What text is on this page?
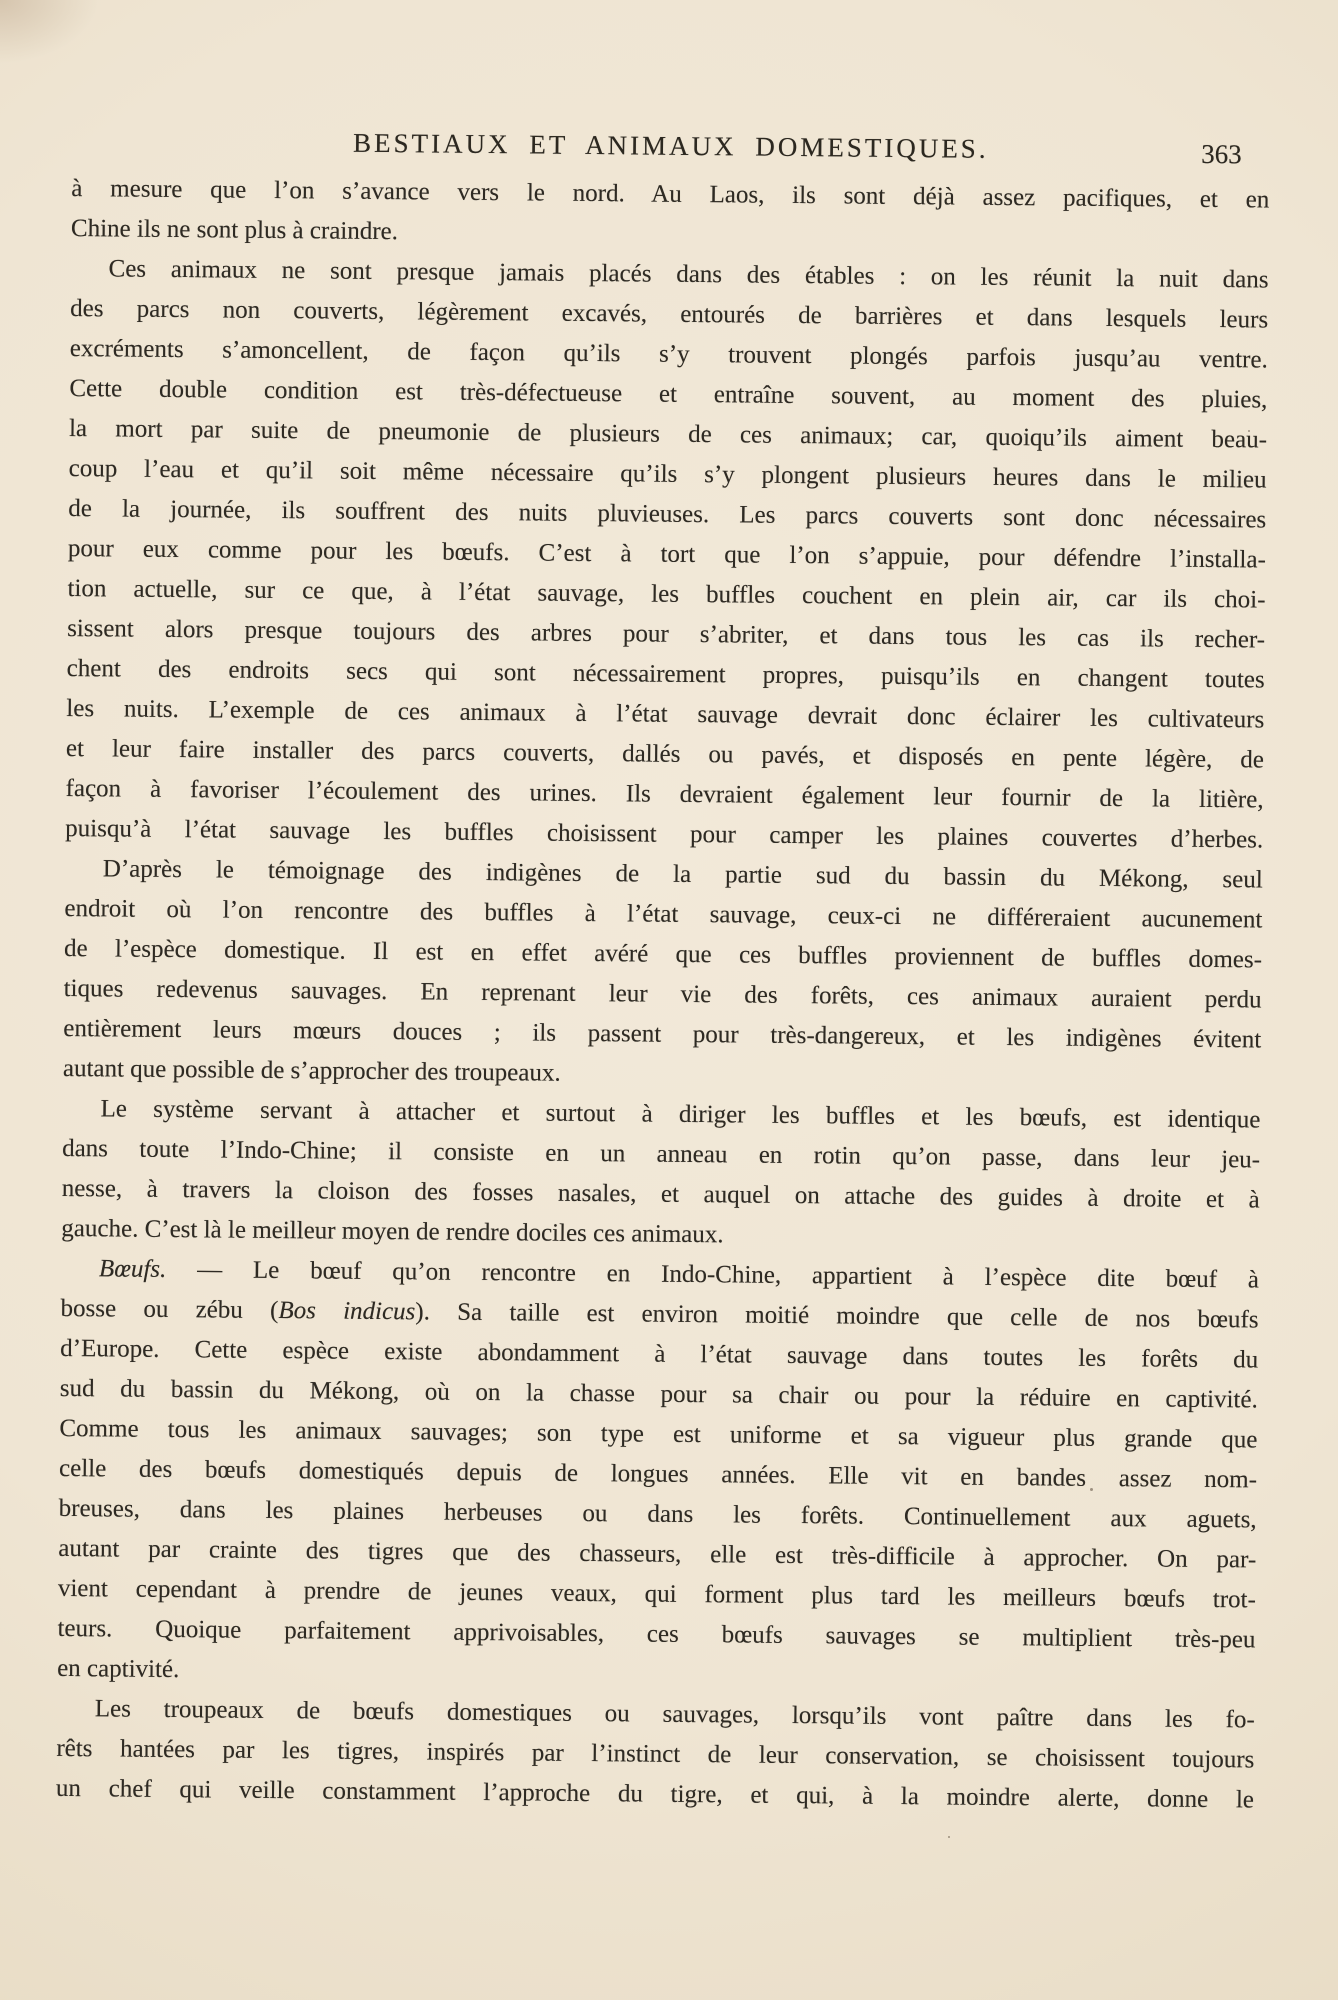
BESTIAUX ET ANIMAUX DOMESTIQUES.	363
à mesure que l’on s’avance vers le nord. Au Laos, ils sont déjà assez pacifiques, et en
Chine ils ne sont plus à craindre.
Ces animaux ne sont presque jamais placés dans des étables : on les réunit la nuit dans
des parcs non couverts, légèrement excavés, entourés de barrières et dans lesquels leurs
excréments s’amoncellent, de façon qu’ils s’y trouvent plongés parfois jusqu’au ventre.
Cette double condition est très-défectueuse et entraîne souvent, au moment des pluies,
la mort par suite de pneumonie de plusieurs de ces animaux; car, quoiqu’ils aiment beau-
coup l’eau et qu’il soit même nécessaire qu’ils s’y plongent plusieurs heures dans le milieu
de la journée, ils souffrent des nuits pluvieuses. Les parcs couverts sont donc nécessaires
pour eux comme pour les bœufs. C’est à tort que l’on s’appuie, pour défendre l’installa-
tion actuelle, sur ce que, à l’état sauvage, les buffles couchent en plein air, car ils choi-
sissent alors presque toujours des arbres pour s’abriter, et dans tous les cas ils recher-
chent des endroits secs qui sont nécessairement propres, puisqu’ils en changent toutes
les nuits. L’exemple de ces animaux à l’état sauvage devrait donc éclairer les cultivateurs
et leur faire installer des parcs couverts, dallés ou pavés, et disposés en pente légère, de
façon à favoriser l’écoulement des urines. Ils devraient également leur fournir de la litière,
puisqu’à l’état sauvage les buffles choisissent pour camper les plaines couvertes d’herbes.
D’après le témoignage des indigènes de la partie sud du bassin du Mékong, seul
endroit où l’on rencontre des buffles à l’état sauvage, ceux-ci ne différeraient aucunement
de l’espèce domestique. Il est en effet avéré que ces buffles proviennent de buffles domes-
tiques redevenus sauvages. En reprenant leur vie des forêts, ces animaux auraient perdu
entièrement leurs mœurs douces ; ils passent pour très-dangereux, et les indigènes évitent
autant que possible de s’approcher des troupeaux.
Le système servant à attacher et surtout à diriger les buffles et les bœufs, est identique
dans toute l’Indo-Chine; il consiste en un anneau en rotin qu’on passe, dans leur jeu-
nesse, à travers la cloison des fosses nasales, et auquel on attache des guides à droite et à
gauche. C’est là le meilleur moyen de rendre dociles ces animaux.
Bœufs. — Le bœuf qu’on rencontre en Indo-Chine, appartient à l’espèce dite bœuf à
bosse ou zébu (Bos indicus). Sa taille est environ moitié moindre que celle de nos bœufs
d’Europe. Cette espèce existe abondamment à l’état sauvage dans toutes les forêts du
sud du bassin du Mékong, où on la chasse pour sa chair ou pour la réduire en captivité.
Comme tous les animaux sauvages; son type est uniforme et sa vigueur plus grande que
celle des bœufs domestiqués depuis de longues années. Elle vit en bandes assez nom-
breuses, dans les plaines herbeuses ou dans les forêts. Continuellement aux aguets,
autant par crainte des tigres que des chasseurs, elle est très-difficile à approcher. On par-
vient cependant à prendre de jeunes veaux, qui forment plus tard les meilleurs bœufs trot-
teurs. Quoique parfaitement apprivoisables, ces bœufs sauvages se multiplient très-peu
en captivité.
Les troupeaux de bœufs domestiques ou sauvages, lorsqu’ils vont paître dans les fo-
rêts hantées par les tigres, inspirés par l’instinct de leur conservation, se choisissent toujours
un chef qui veille constamment l’approche du tigre, et qui, à la moindre alerte, donne le
